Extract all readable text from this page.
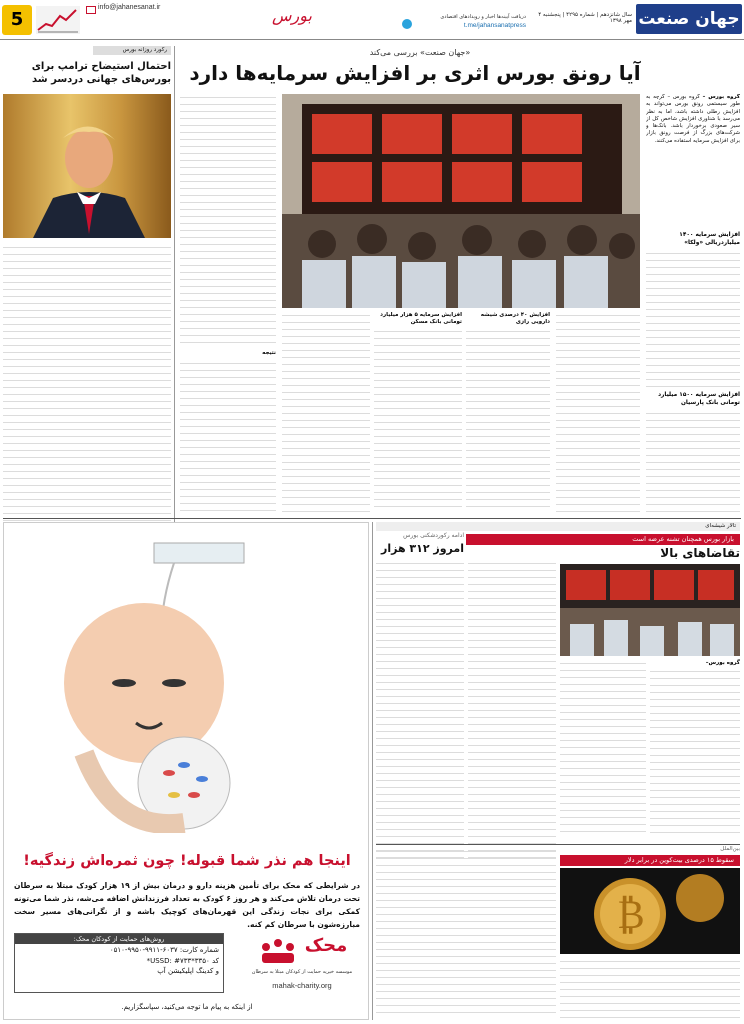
5
info@jahanesanat.ir	بورس	دریافت آیینه‌ها اخبار و رویدادهای اقتصادی
t.me/jahansanatpress
سال شانزدهم | شماره ۴۲۹۵ | پنجشنبه ۴ مهر ۱۳۹۸ جهان صنعت
رکورد روزانه بورس
احتمال استیضاح ترامپ برای بورس‌های جهانی دردسر شد
«جهان صنعت» بررسی می‌کند
آیا رونق بورس اثری بر افزایش سرمایه‌ها دارد
نتیجه
افزایش سرمایه ۵ هزار میلیارد تومانی بانک مسکن
افزایش ۴۰ درصدی شیشه دارویی رازی
گروه بورس – گروه بورس – گرچه به طور سیستمی رونق بورس می‌تواند به افزایش رطلی داشته باشد، اما به نظر می‌رسد با شناوری افزایش شاخص کل از سیر صعودی برخوردار باشد. بانک‌ها و شرکت‌های بزرگ از فرصت رونق بازار برای افزایش سرمایه استفاده می‌کنند.
افزایش سرمایه ۱۴۰۰ میلیاردریالی «ولکا»
افزایش سرمایه ۱۵۰۰ میلیارد تومانی بانک پارسیان
اینجا هم نذر شما قبوله! چون ثمره‌اش زندگیه!
در شرایطی که محک برای تأمین هزینه دارو و درمان بیش از ۱۹ هزار کودک مبتلا به سرطان تحت درمان تلاش می‌کند و هر روز ۶ کودک به تعداد فرزندانش اضافه می‌شه، نذر شما می‌تونه کمکی برای نجات زندگی این قهرمان‌های کوچیک باشه و از نگرانی‌های مسیر سخت مبارزه‌شون با سرطان کم کنه.
روش‌های حمایت از کودکان محک:
شماره کارت: ۶۰۳۷-۹۹۱۱-۹۹۵۰-۰۵۱۰
کد USSD: #۷۳۳*۳۳۵۰*
و کدینگ اپلیکیشن آپ
محک
موسسه خیریه حمایت از کودکان مبتلا به سرطان
mahak-charity.org
از اینکه به پیام ما توجه می‌کنید، سپاسگزاریم.
ادامه رکوردشکنی بورس
امروز ۳۱۲ هزار
تالار شیشه‌ای
بازار بورس همچنان تشنه عرضه است
تقاضاهای بالا
گروه بورس–
بین‌الملل
سقوط ۱۵ درصدی بیت‌کوین در برابر دلار
₿
